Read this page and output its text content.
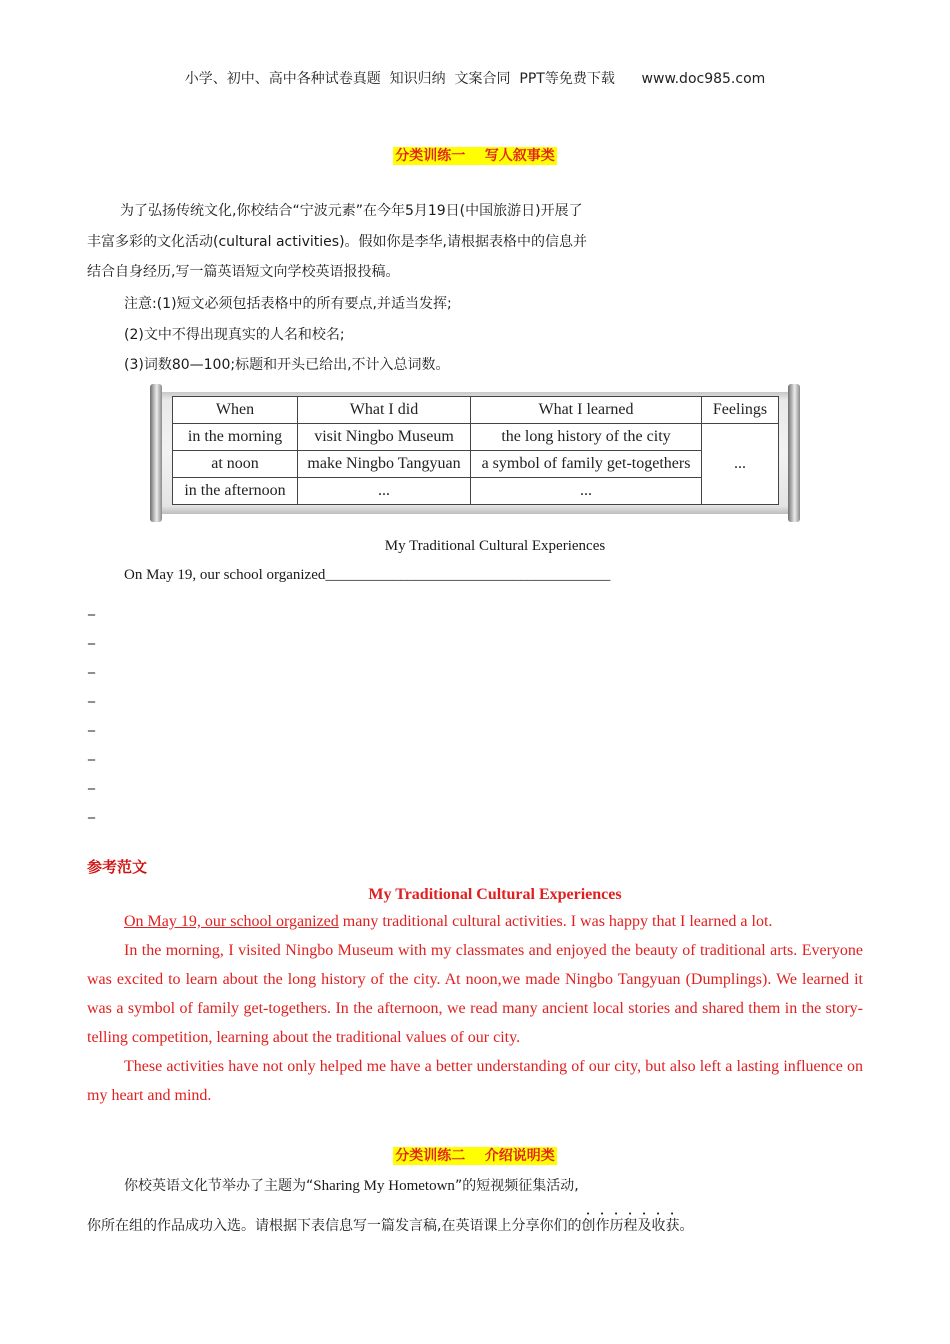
小学、初中、高中各种试卷真题  知识归纳  文案合同  PPT等免费下载      www.doc985.com
分类训练一    写人叙事类
为了弘扬传统文化,你校结合“宁波元素”在今年5月19日(中国旅游日)开展了
丰富多彩的文化活动(cultural activities)。假如你是李华,请根据表格中的信息并
结合自身经历,写一篇英语短文向学校英语报投稿。
注意:(1)短文必须包括表格中的所有要点,并适当发挥;
(2)文中不得出现真实的人名和校名;
(3)词数80—100;标题和开头已给出,不计入总词数。
When	What I did	What I learned	Feelings
in the morning	visit Ningbo Museum	the long history of the city	...
at noon	make Ningbo Tangyuan	a symbol of family get-togethers	
in the afternoon	...	...	
My Traditional Cultural Experiences
On May 19, our school organized______________________________________
_
_
_
_
_
_
_
_
参考范文
My Traditional Cultural Experiences
On May 19, our school organized many traditional cultural activities. I was happy that I learned a lot.
In the morning, I visited Ningbo Museum with my classmates and enjoyed the beauty of traditional arts. Everyone was excited to learn about the long history of the city. At noon,we made Ningbo Tangyuan (Dumplings). We learned it was a symbol of family get-togethers. In the afternoon, we read many ancient local stories and shared them in the story-telling competition, learning about the traditional values of our city.
These activities have not only helped me have a better understanding of our city, but also left a lasting influence on my heart and mind.
分类训练二    介绍说明类
你校英语文化节举办了主题为“Sharing My Hometown”的短视频征集活动,
你所在组的作品成功入选。请根据下表信息写一篇发言稿,在英语课上分享你们的创作历程及收获。
